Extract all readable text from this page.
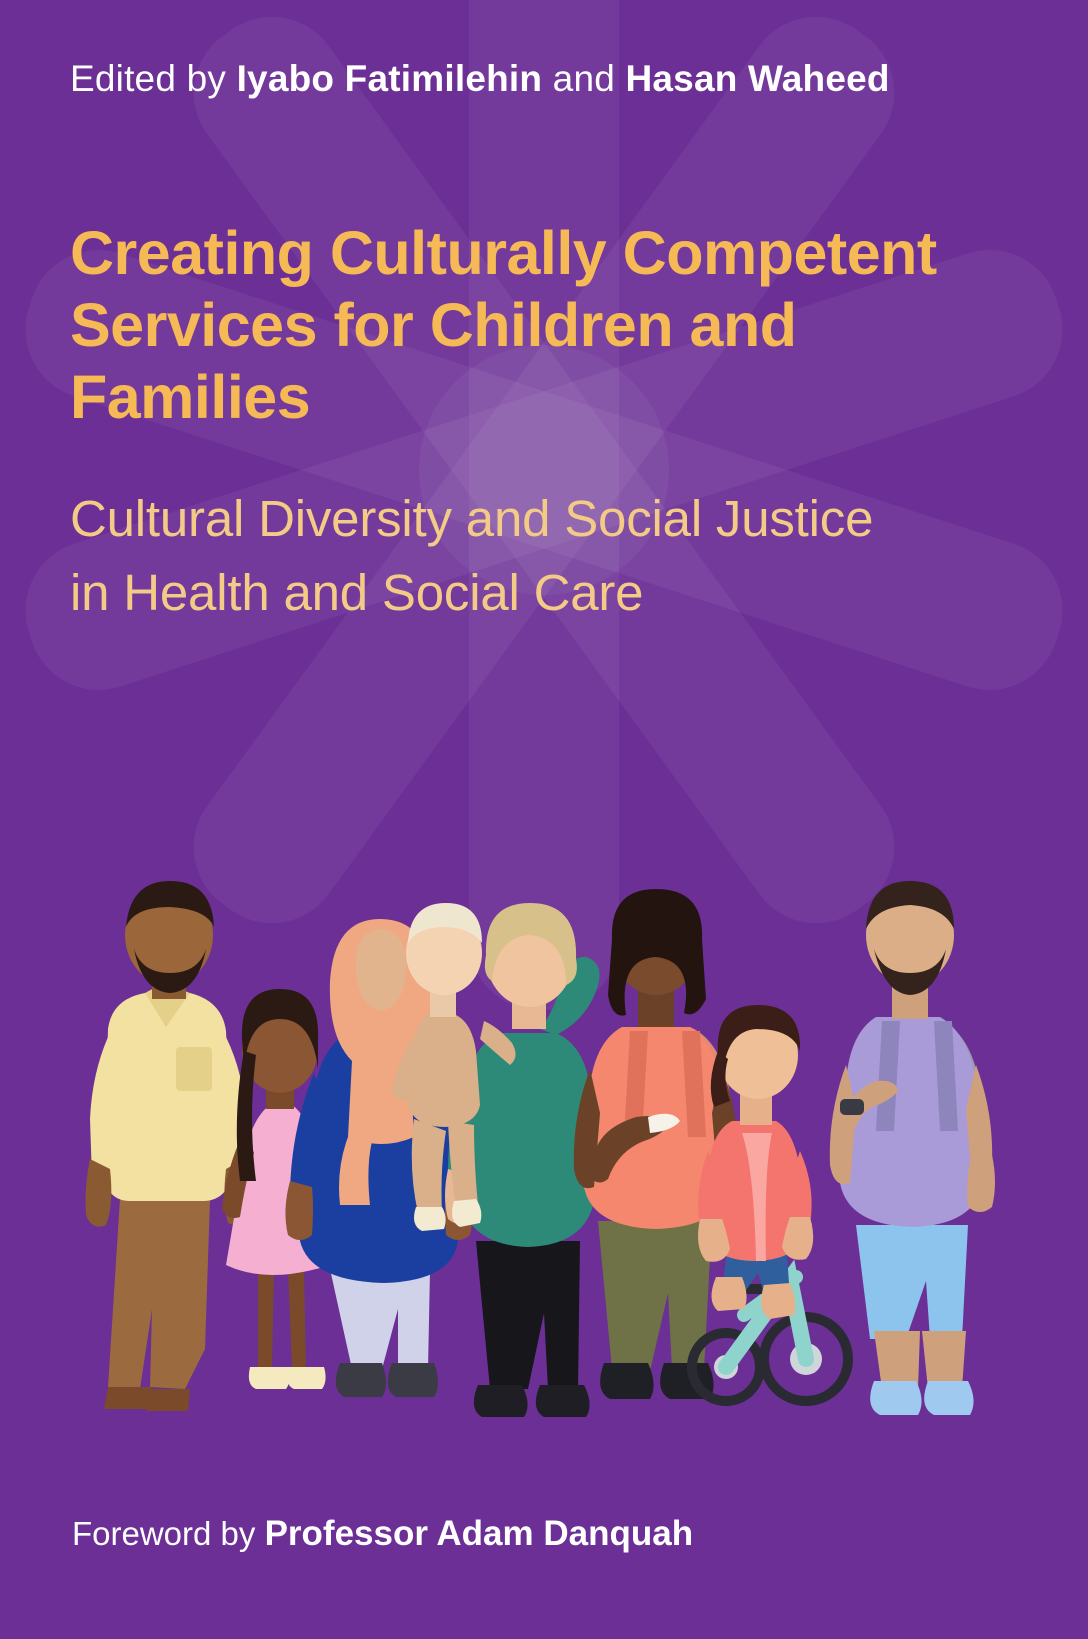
Edited by Iyabo Fatimilehin and Hasan Waheed
Creating Culturally Competent Services for Children and Families
Cultural Diversity and Social Justice in Health and Social Care
Foreword by Professor Adam Danquah
